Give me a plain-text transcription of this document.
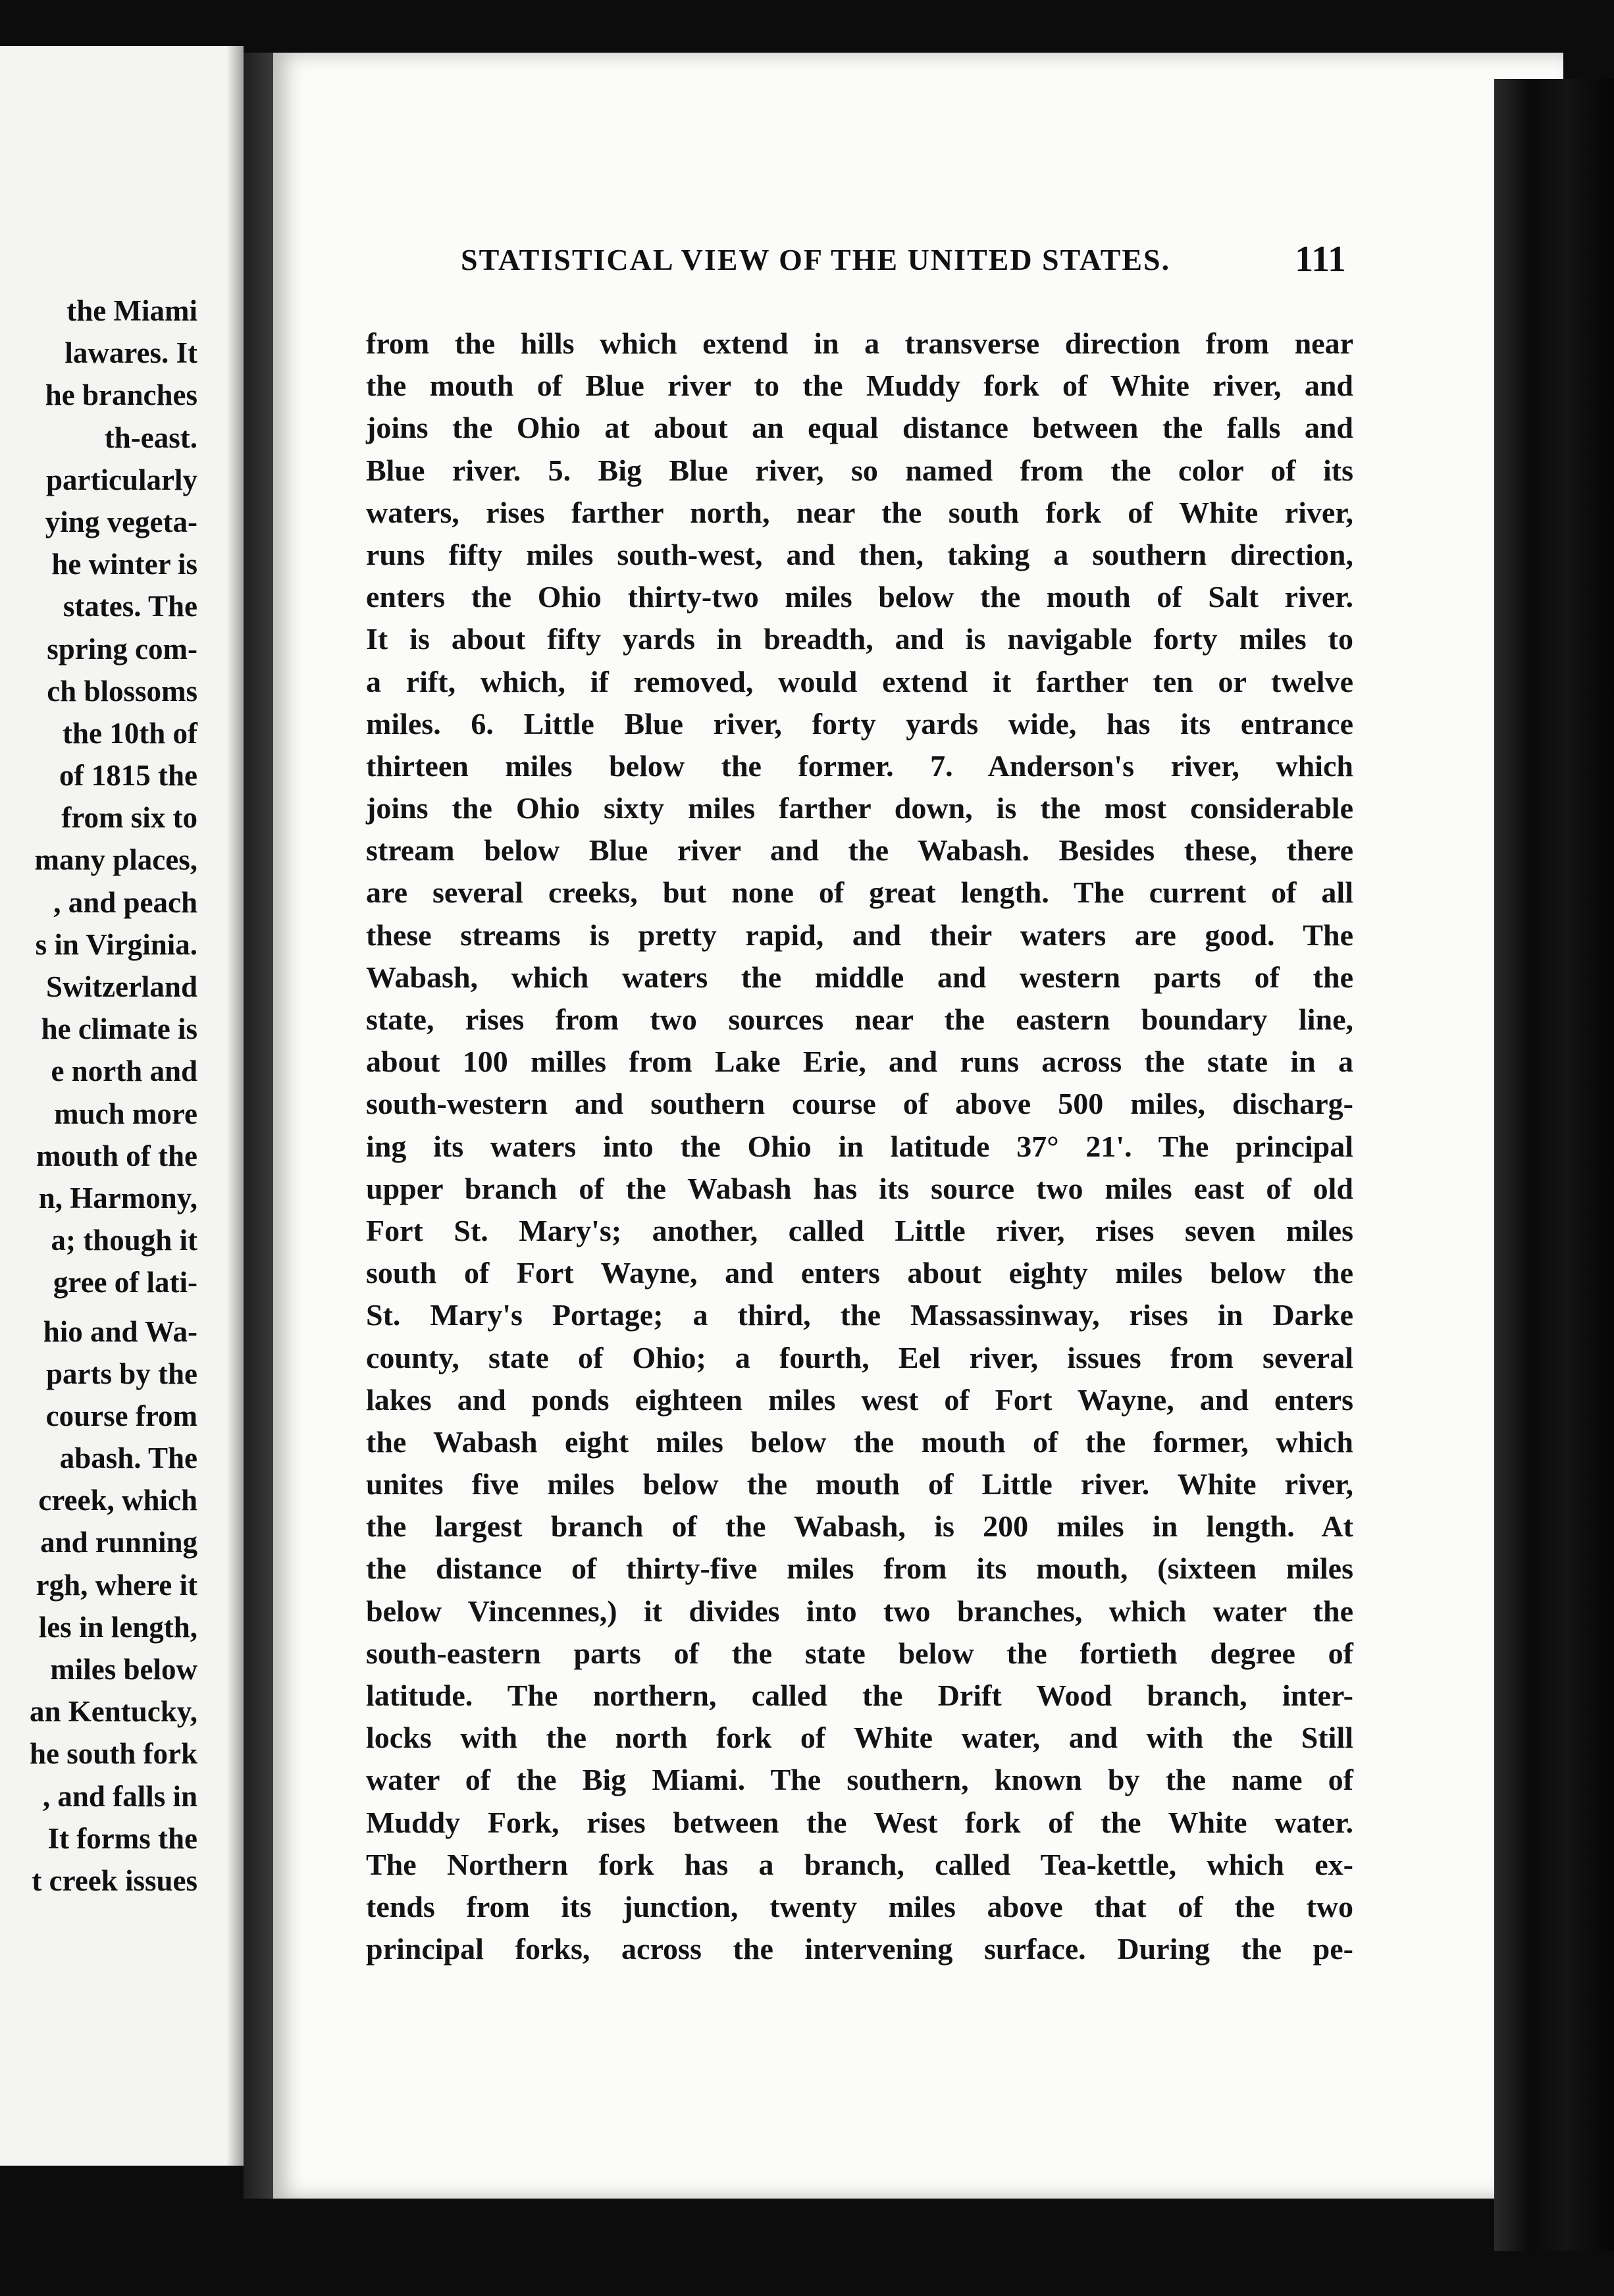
the Miami
lawares. It
he branches
th-east.
particularly
ying vegeta-
he winter is
states. The
spring com-
ch blossoms
the 10th of
of 1815 the
from six to
many places,
, and peach
s in Virginia.
Switzerland
he climate is
e north and
much more
mouth of the
n, Harmony,
a; though it
gree of lati-
hio and Wa-
parts by the
course from
abash. The
creek, which
and running
rgh, where it
les in length,
miles below
an Kentucky,
he south fork
, and falls in
It forms the
t creek issues
STATISTICAL VIEW OF THE UNITED STATES.	111
from the hills which extend in a transverse direction from near
the mouth of Blue river to the Muddy fork of White river, and
joins the Ohio at about an equal distance between the falls and
Blue river. 5. Big Blue river, so named from the color of its
waters, rises farther north, near the south fork of White river,
runs fifty miles south-west, and then, taking a southern direction,
enters the Ohio thirty-two miles below the mouth of Salt river.
It is about fifty yards in breadth, and is navigable forty miles to
a rift, which, if removed, would extend it farther ten or twelve
miles. 6. Little Blue river, forty yards wide, has its entrance
thirteen miles below the former. 7. Anderson's river, which
joins the Ohio sixty miles farther down, is the most considerable
stream below Blue river and the Wabash. Besides these, there
are several creeks, but none of great length. The current of all
these streams is pretty rapid, and their waters are good. The
Wabash, which waters the middle and western parts of the
state, rises from two sources near the eastern boundary line,
about 100 milles from Lake Erie, and runs across the state in a
south-western and southern course of above 500 miles, discharg-
ing its waters into the Ohio in latitude 37° 21'. The principal
upper branch of the Wabash has its source two miles east of old
Fort St. Mary's; another, called Little river, rises seven miles
south of Fort Wayne, and enters about eighty miles below the
St. Mary's Portage; a third, the Massassinway, rises in Darke
county, state of Ohio; a fourth, Eel river, issues from several
lakes and ponds eighteen miles west of Fort Wayne, and enters
the Wabash eight miles below the mouth of the former, which
unites five miles below the mouth of Little river. White river,
the largest branch of the Wabash, is 200 miles in length. At
the distance of thirty-five miles from its mouth, (sixteen miles
below Vincennes,) it divides into two branches, which water the
south-eastern parts of the state below the fortieth degree of
latitude. The northern, called the Drift Wood branch, inter-
locks with the north fork of White water, and with the Still
water of the Big Miami. The southern, known by the name of
Muddy Fork, rises between the West fork of the White water.
The Northern fork has a branch, called Tea-kettle, which ex-
tends from its junction, twenty miles above that of the two
principal forks, across the intervening surface. During the pe-
